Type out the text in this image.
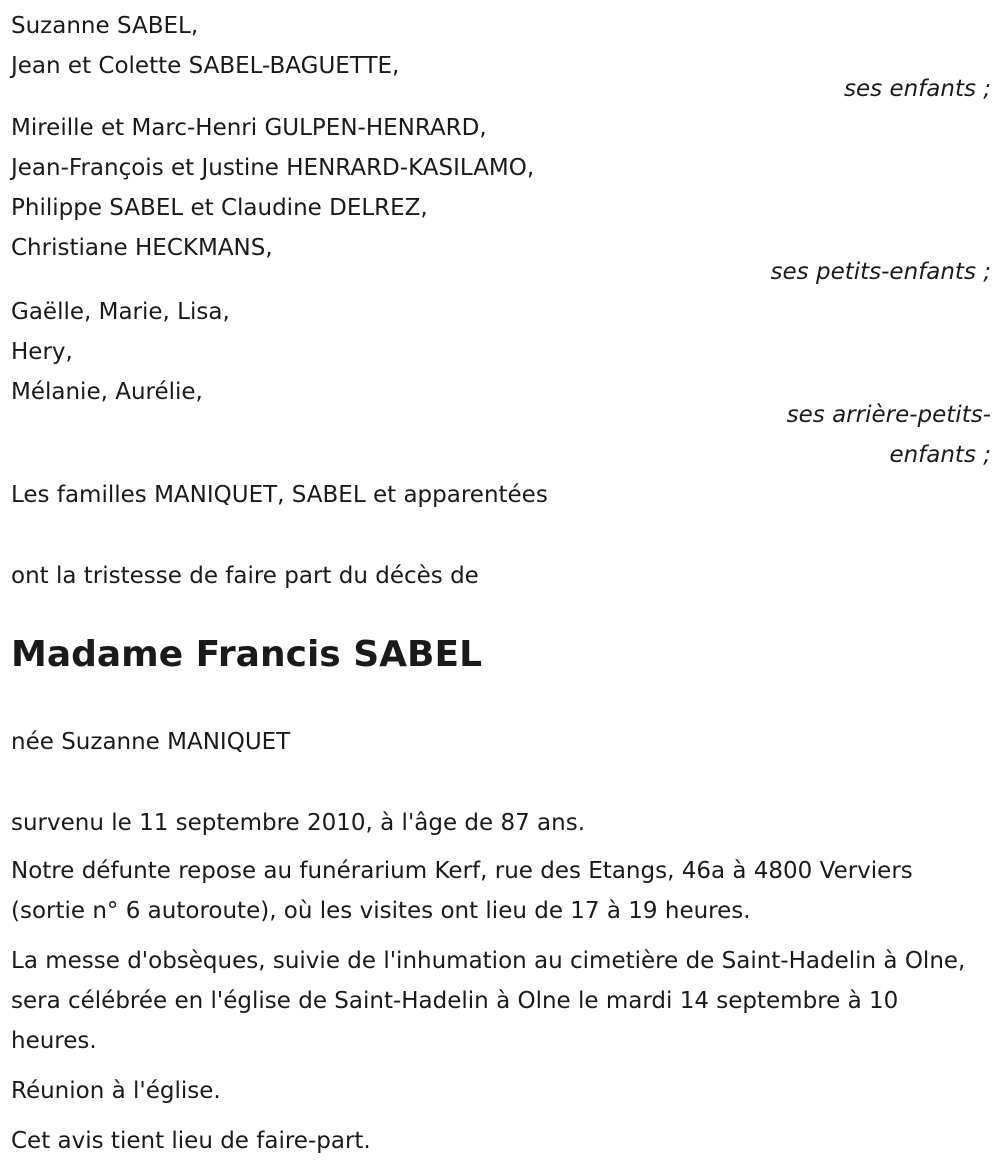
Suzanne SABEL,
Jean et Colette SABEL-BAGUETTE,
ses enfants ;
Mireille et Marc-Henri GULPEN-HENRARD,
Jean-François et Justine HENRARD-KASILAMO,
Philippe SABEL et Claudine DELREZ,
Christiane HECKMANS,
ses petits-enfants ;
Gaëlle, Marie, Lisa,
Hery,
Mélanie, Aurélie,
ses arrière-petits-
enfants ;
Les familles MANIQUET, SABEL et apparentées
ont la tristesse de faire part du décès de
Madame Francis SABEL
née Suzanne MANIQUET
survenu le 11 septembre 2010, à l'âge de 87 ans.
Notre défunte repose au funérarium Kerf, rue des Etangs, 46a à 4800 Verviers (sortie n° 6 autoroute), où les visites ont lieu de 17 à 19 heures.
La messe d'obsèques, suivie de l'inhumation au cimetière de Saint-Hadelin à Olne, sera célébrée en l'église de Saint-Hadelin à Olne le mardi 14 septembre à 10 heures.
Réunion à l'église.
Cet avis tient lieu de faire-part.
